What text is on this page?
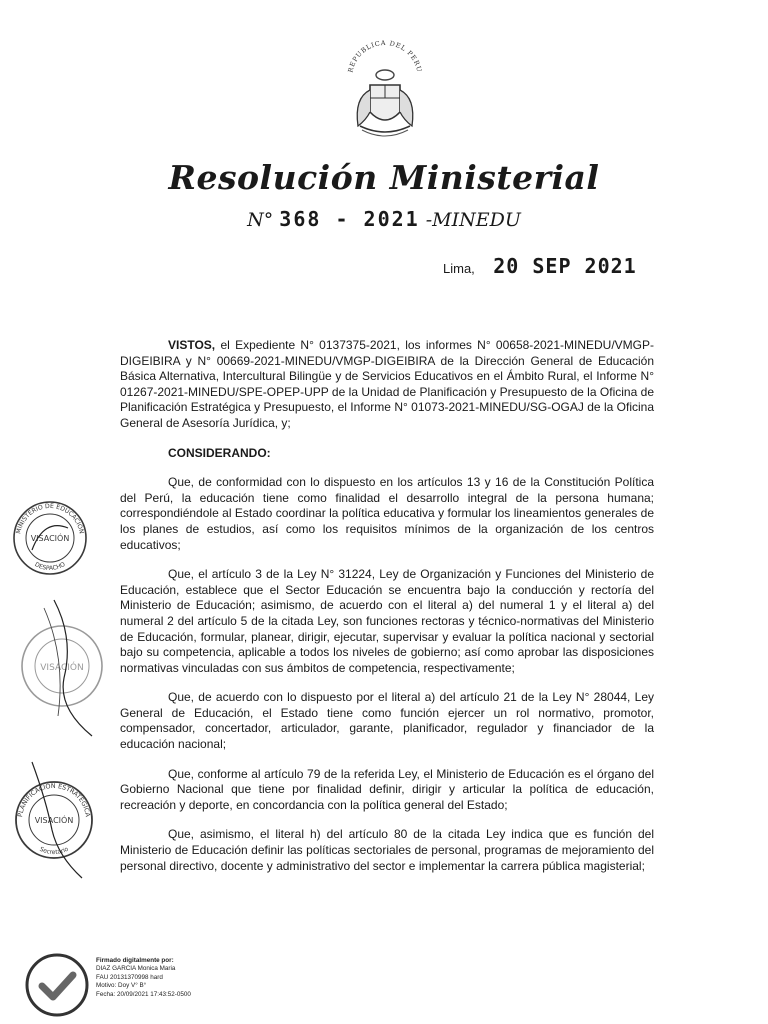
REPUBLICA DEL PERU
Resolución Ministerial
N° 368 - 2021 -MINEDU
Lima, 20 SEP 2021

VISTOS, el Expediente N° 0137375-2021, los informes N° 00658-2021-MINEDU/VMGP-DIGEIBIRA y N° 00669-2021-MINEDU/VMGP-DIGEIBIRA de la Dirección General de Educación Básica Alternativa, Intercultural Bilingüe y de Servicios Educativos en el Ámbito Rural, el Informe N° 01267-2021-MINEDU/SPE-OPEP-UPP de la Unidad de Planificación y Presupuesto de la Oficina de Planificación Estratégica y Presupuesto, el Informe N° 01073-2021-MINEDU/SG-OGAJ de la Oficina General de Asesoría Jurídica, y;

CONSIDERANDO:

Que, de conformidad con lo dispuesto en los artículos 13 y 16 de la Constitución Política del Perú, la educación tiene como finalidad el desarrollo integral de la persona humana; correspondiéndole al Estado coordinar la política educativa y formular los lineamientos generales de los planes de estudios, así como los requisitos mínimos de la organización de los centros educativos;

Que, el artículo 3 de la Ley N° 31224, Ley de Organización y Funciones del Ministerio de Educación, establece que el Sector Educación se encuentra bajo la conducción y rectoría del Ministerio de Educación; asimismo, de acuerdo con el literal a) del numeral 1 y el literal a) del numeral 2 del artículo 5 de la citada Ley, son funciones rectoras y técnico-normativas del Ministerio de Educación, formular, planear, dirigir, ejecutar, supervisar y evaluar la política nacional y sectorial bajo su competencia, aplicable a todos los niveles de gobierno; así como aprobar las disposiciones normativas vinculadas con sus ámbitos de competencia, respectivamente;

Que, de acuerdo con lo dispuesto por el literal a) del artículo 21 de la Ley N° 28044, Ley General de Educación, el Estado tiene como función ejercer un rol normativo, promotor, compensador, concertador, articulador, garante, planificador, regulador y financiador de la educación nacional;

Que, conforme al artículo 79 de la referida Ley, el Ministerio de Educación es el órgano del Gobierno Nacional que tiene por finalidad definir, dirigir y articular la política de educación, recreación y deporte, en concordancia con la política general del Estado;

Que, asimismo, el literal h) del artículo 80 de la citada Ley indica que es función del Ministerio de Educación definir las políticas sectoriales de personal, programas de mejoramiento del personal directivo, docente y administrativo del sector e implementar la carrera pública magisterial;

MINISTERIO DE EDUCACIÓN
DESPACHO
VISACIÓN
VISACIÓN
PLANIFICACIÓN ESTRATÉGICA
Secretario
VISACIÓN
Firmado digitalmente por:
DIAZ GARCIA Monica Maria
FAU 20131370998 hard
Motivo: Doy V° B°
Fecha: 20/09/2021 17:43:52-0500
